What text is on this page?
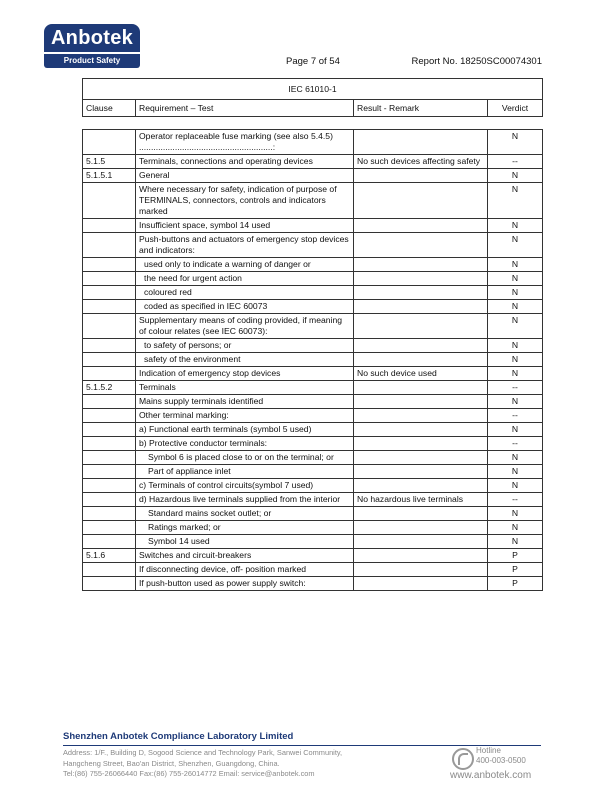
Anbotek
Product Safety	Page 7 of 54	Report No. 18250SC00074301
IEC 61010-1			
Clause	Requirement – Test	Result - Remark	Verdict

	Operator replaceable fuse marking (see also 5.4.5) ........................................................:		N
5.1.5	Terminals, connections and operating devices	No such devices affecting safety	--
5.1.5.1	General		N
	Where necessary for safety, indication of purpose of TERMINALS, connectors, controls and indicators marked		N
	Insufficient space, symbol 14 used		N
	Push-buttons and actuators of emergency stop devices and indicators:		N
	used only to indicate a warning of danger or		N
	the need for urgent action		N
	coloured red		N
	coded as specified in IEC 60073		N
	Supplementary means of coding provided, if meaning of colour relates (see IEC 60073):		N
	to safety of persons; or		N
	safety of the environment		N
	Indication of emergency stop devices	No such device used	N
5.1.5.2	Terminals		--
	Mains supply terminals identified		N
	Other terminal marking:		--
	a) Functional earth terminals (symbol 5 used)		N
	b) Protective conductor terminals:		--
	Symbol 6 is placed close to or on the terminal; or		N
	Part of appliance inlet		N
	c) Terminals of control circuits(symbol 7 used)		N
	d) Hazardous live terminals supplied from the interior	No hazardous live terminals	--
	Standard mains socket outlet; or		N
	Ratings marked; or		N
	Symbol 14 used		N
5.1.6	Switches and circuit-breakers		P
	If disconnecting device, off- position marked		P
	If push-button used as power supply switch:		P
Shenzhen Anbotek Compliance Laboratory Limited
Address: 1/F., Building D, Sogood Science and Technology Park, Sanwei Community,
Hangcheng Street, Bao'an District, Shenzhen, Guangdong, China.
Tel:(86) 755-26066440 Fax:(86) 755-26014772 Email: service@anbotek.com
Hotline
400-003-0500
www.anbotek.com
